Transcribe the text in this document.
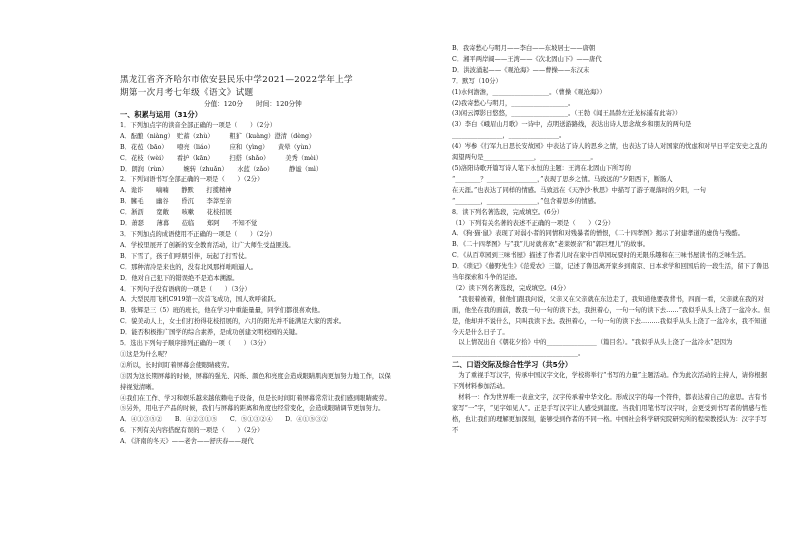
黑龙江省齐齐哈尔市依安县民乐中学2021—2022学年上学
期第一次月考七年级《语文》试题
分值：120分　　时间：120分钟
一、积累与运用（31分）
1．下列加点字的读音全部正确的一项是（　　）（2分）
A．酝酿（niàng）　贮蓄（zhù）　　　粗犷（kuàng）澄清（dèng）
B．花苞（bāo）　　嘹亮（liáo）　　　应和（yìng）　　黄晕（yùn）
C．花枝（wèi）　　看护（kān）　　　扫搭（shǎo）　　　美秀（mèi）
D．朗润（rùn）　　　婉转（zhuǎn）　　水蓝（zǎo）　　　静谧（mì）
2．下列词语书写全部正确的一项是（　　）（2分）
A．诡诈　　喃喃　　静默　　打揽精神
B．臃毛　　幽谷　　昏沉　　李莽至亲
C．淅沥　　宽敞　　咳嗽　　花枝招展
D．萧瑟　　薄暮　　莅临　　郑阿　　不知不觉
3．下列加点的成语使用不正确的一项是（　　）（2分）
A．学校里展开了创新的安全教育活动，让广大师生受益匪浅。
B．下雪了，孩子们呼朋引伴，玩起了打雪仗。
C．那种清冷是来也的，没有北风那样咄咄逼人。
D．他对自己犯下的错误绝不是追本溯源。
4．下列句子没有语病的一项是（　　）（3分）
A．大型民用飞机C919第一次首飞成功，国人欢呼雀跃。
B．张辉是三（5）班的班长，他在学习中重能量量，同学们都很喜欢他。
C．貌美动人上，女士们打扮得花枝招展的，六月的阳光并不能满足大家的需求。
D．能否积极推广国学的综合素养，是成功创建文明校园的关键。
5．选出下列句子顺序排列正确的一项（　　）（3分）
①这是为什么呢？
②所以，长时间盯着屏幕会使眼睛疲劳。
③因为这长期屏幕的时候，屏幕的强光、闪烁、颜色和亮度会造成眼睛肌肉更加努力地工作，以保持视觉清晰。
④我们在工作、学习和娱乐越来越依赖电子设备，但是长时间盯着屏幕常常让我们感到眼睛疲劳。
⑤另外，用电子产品的时候，我们与屏幕的距离和角度也经常变化，会造成眼睛调节更加努力。
A．④①③⑤②　　B．④②③①⑤　　C．⑤①③②④　　D．④①⑤③②
6．下列有关内容搭配有误的一项是（　　）（2分）
A．《济南的冬天》——老舍——舒庆春——现代
B．我寄愁心与明月——李白——东坡居士——唐朝
C．湘平两岸阔——王湾——《次北固山下》——唐代
D．洪波涌起——《观沧海》——曹操——东汉末
7．默写（10分）
(1)水何澹澹，__________________。（曹操《观沧海》）
(2)我寄愁心与明月，__________________。
(3)闲云潭影日悠悠，__________________。（王勃《闻王昌龄左迁龙标遥有此寄》）
(3）李白《峨眉山月歌》一诗中，点明送游路线，表达出诗人思念故乡和朋友的两句是
________________，________________。
(4）岑参《行军九日思长安故园》中表达了诗人的思乡之情，也表达了诗人对国家的忧虑和对早日平定安史之乱的渴望两句是________________，________________。
(5)洛阳诗歌开篇写诗人笔下永恒的主题：王湾在北固山下所写的
“________？________________，”表现了思乡之情。马致远的“夕阳西下，断肠人
在天涯。”也表达了同样的情感。马致远在《天净沙·秋思》中描写了游子观落时的夕阳，一句
“________，________________，”包含着思乡的情感。
8．读下列名著选段，完成填空。(6分）
（1）下列有关名著的表述不正确的一项是（　　）（2分）
A．《狗·猫·鼠》表现了对弱小者的同情和对残暴者的憎恨，《二十四孝图》揭示了封建孝道的虚伪与残酷。
B．《二十四孝图》与“我”儿时就喜欢“老莱娱亲”和“郭巨埋儿”的故事。
C．《从百草园到三味书屋》描述了作者儿时在家中百草园玩耍时的无限乐趣和在三味书屋读书的乏味生活。
D．《琐记》《藤野先生》《范爱农》三篇，记述了鲁迅离开家乡到南京、日本求学和回国后的一段生活，留下了鲁迅当年探索和斗争的足迹。
（2）读下列名著选段，完成填空。(4分）
　“我很着被着，催他们跟我问说，父亲又在父亲就在东边走了，我知道他要我背书，四面一看，父亲就在我的对面，他坐在我的面前，教我一句一句的读下去，我担着心，一句一句的读下去……”我似乎从头上浇了一盆冷水。但是，他却并不说什么，只叫我读下去。我担着心，一句一句的读下去………我似乎从头上浇了一盆冷水，我不知道今天是什么日子了。
　以上情况出自《朝花夕拾》中的________________（篇目名）。“我似乎从头上浇了一盆冷水”是因为
________________________________________。
二、口语交际及综合性学习（共5分）
　为了重视手写汉字，传承中国汉字文化，学校将举行“书写的力量”主题活动。作为此次活动的主持人，请你根据下列材料参加活动。
　材料一：作为世界唯一表意文字，汉字传承着中华文化。形成汉字的每一个符件，都表达着自己的意思。古有书家写“一”字，“见字如见人”。正是手写汉字让人感受到温度。当我们用笔书写汉字时，会更受到书写者的情感与性格，也让我们的理解更加深刻，能够受到作者的不同一格。中国社会科学研究院研究所的程荣教授认为：汉字手写不
